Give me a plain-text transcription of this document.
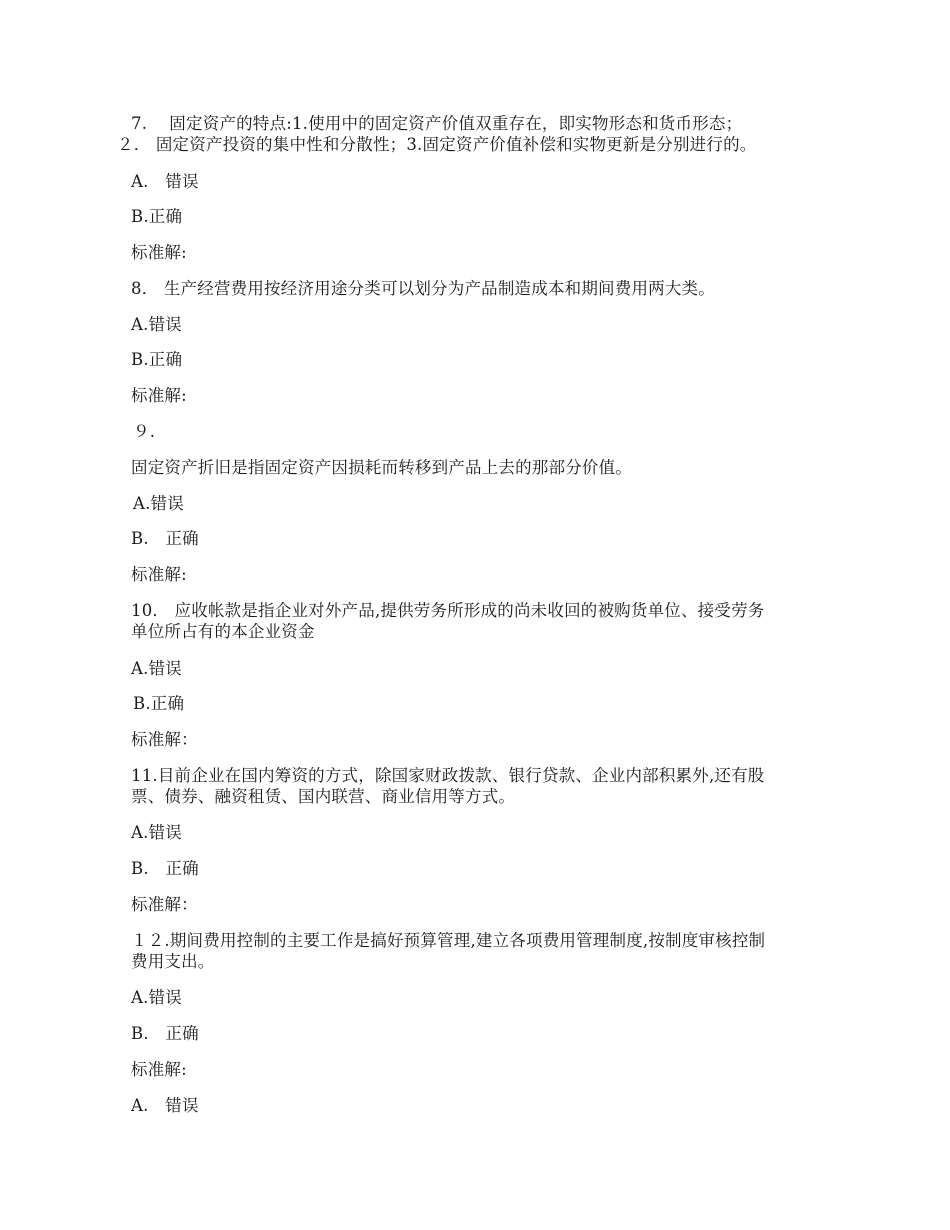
7.　 固定资产的特点:1.使用中的固定资产价值双重存在，即实物形态和货币形态；
２． 固定资产投资的集中性和分散性；3.固定资产价值补偿和实物更新是分别进行的。
A.　错误
B.正确
标准解:
8． 生产经营费用按经济用途分类可以划分为产品制造成本和期间费用两大类。
A.错误
B.正确
标准解:
９.
固定资产折旧是指固定资产因损耗而转移到产品上去的那部分价值。
A.错误
B.　正确
标准解:
10． 应收帐款是指企业对外产品,提供劳务所形成的尚未收回的被购货单位、接受劳务
单位所占有的本企业资金
A.错误
B.正确
标准解：
11.目前企业在国内筹资的方式，除国家财政拨款、银行贷款、企业内部积累外,还有股
票、债券、融资租赁、国内联营、商业信用等方式。
A.错误
B.　正确
标准解：
１２.期间费用控制的主要工作是搞好预算管理,建立各项费用管理制度,按制度审核控制
费用支出。
A.错误
B.　正确
标准解:
A.　错误
